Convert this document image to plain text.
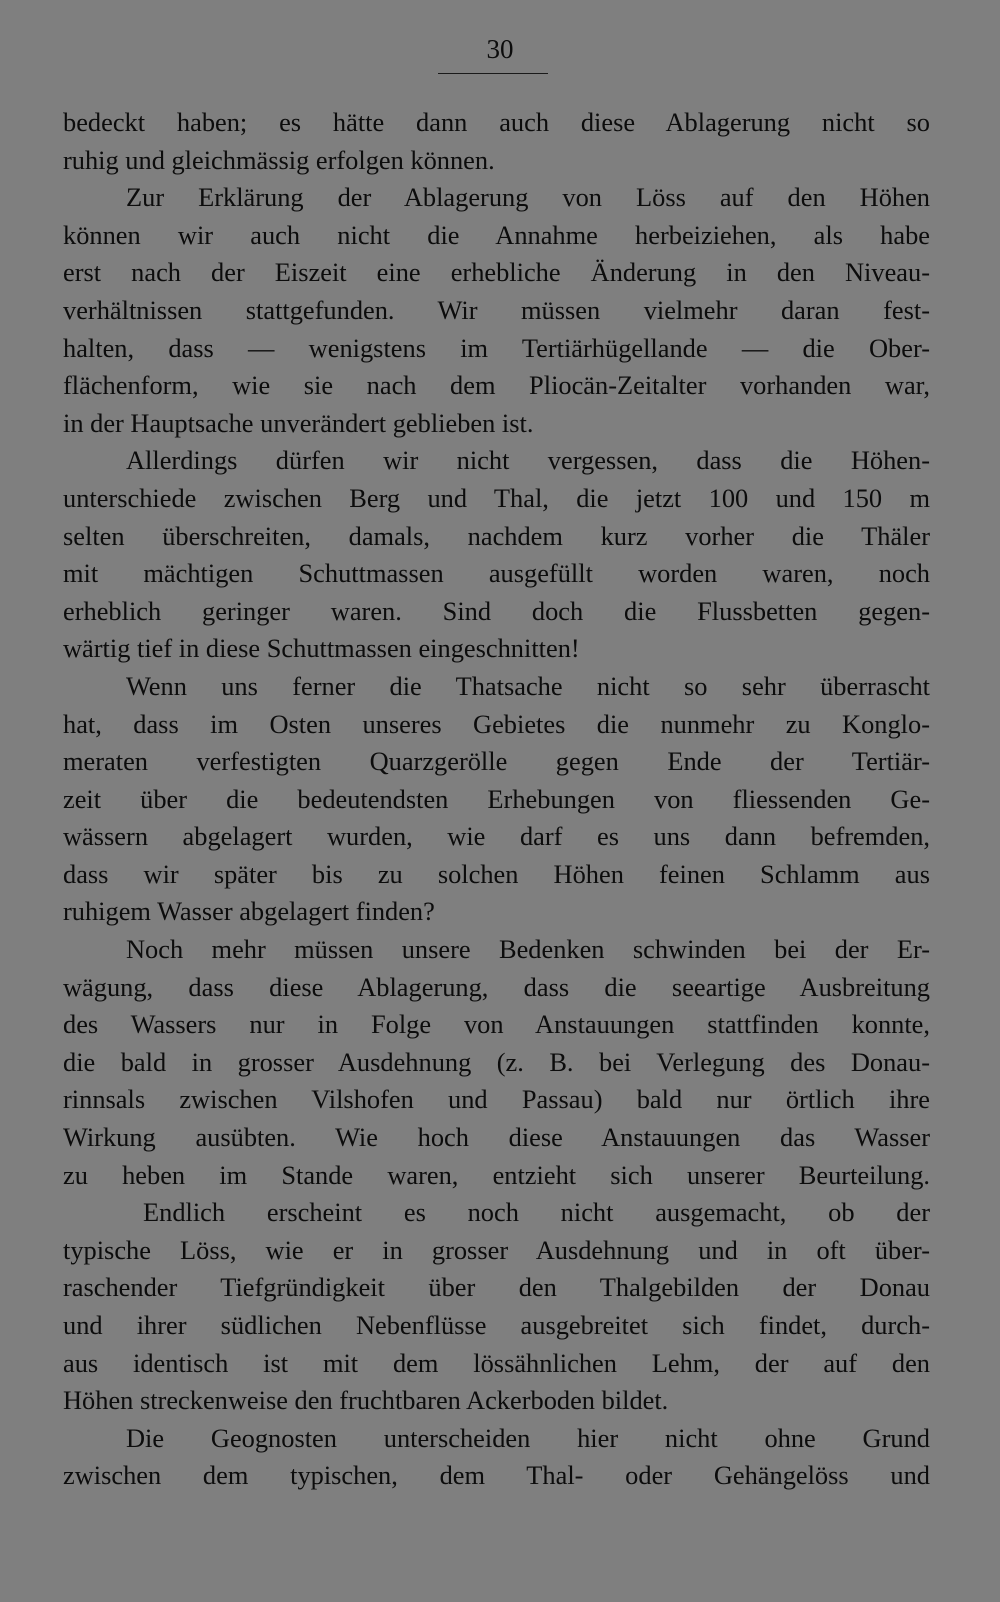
30
bedeckt haben; es hätte dann auch diese Ablagerung nicht so
ruhig und gleichmässig erfolgen können.
Zur Erklärung der Ablagerung von Löss auf den Höhen
können wir auch nicht die Annahme herbeiziehen, als habe
erst nach der Eiszeit eine erhebliche Änderung in den Niveau-
verhältnissen stattgefunden. Wir müssen vielmehr daran fest-
halten, dass — wenigstens im Tertiärhügellande — die Ober-
flächenform, wie sie nach dem Pliocän-Zeitalter vorhanden war,
in der Hauptsache unverändert geblieben ist.
Allerdings dürfen wir nicht vergessen, dass die Höhen-
unterschiede zwischen Berg und Thal, die jetzt 100 und 150 m
selten überschreiten, damals, nachdem kurz vorher die Thäler
mit mächtigen Schuttmassen ausgefüllt worden waren, noch
erheblich geringer waren. Sind doch die Flussbetten gegen-
wärtig tief in diese Schuttmassen eingeschnitten!
Wenn uns ferner die Thatsache nicht so sehr überrascht
hat, dass im Osten unseres Gebietes die nunmehr zu Konglo-
meraten verfestigten Quarzgerölle gegen Ende der Tertiär-
zeit über die bedeutendsten Erhebungen von fliessenden Ge-
wässern abgelagert wurden, wie darf es uns dann befremden,
dass wir später bis zu solchen Höhen feinen Schlamm aus
ruhigem Wasser abgelagert finden?
Noch mehr müssen unsere Bedenken schwinden bei der Er-
wägung, dass diese Ablagerung, dass die seeartige Ausbreitung
des Wassers nur in Folge von Anstauungen stattfinden konnte,
die bald in grosser Ausdehnung (z. B. bei Verlegung des Donau-
rinnsals zwischen Vilshofen und Passau) bald nur örtlich ihre
Wirkung ausübten. Wie hoch diese Anstauungen das Wasser
zu heben im Stande waren, entzieht sich unserer Beurteilung.
Endlich erscheint es noch nicht ausgemacht, ob der
typische Löss, wie er in grosser Ausdehnung und in oft über-
raschender Tiefgründigkeit über den Thalgebilden der Donau
und ihrer südlichen Nebenflüsse ausgebreitet sich findet, durch-
aus identisch ist mit dem lössähnlichen Lehm, der auf den
Höhen streckenweise den fruchtbaren Ackerboden bildet.
Die Geognosten unterscheiden hier nicht ohne Grund
zwischen dem typischen, dem Thal- oder Gehängelöss und
